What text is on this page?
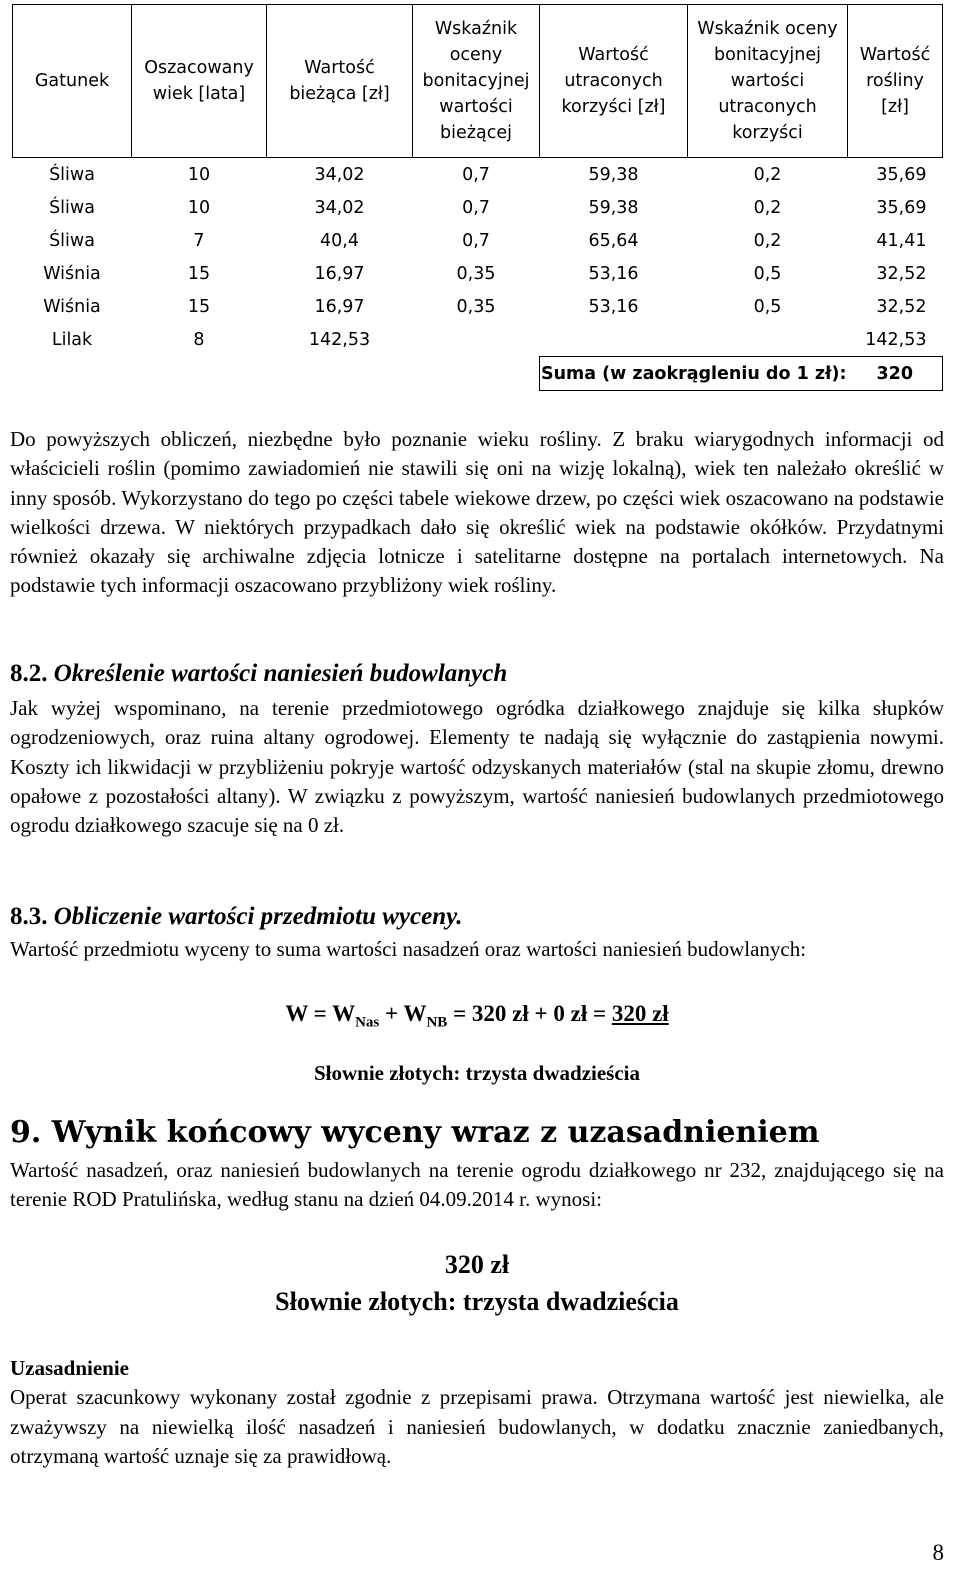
Gatunek	Oszacowany wiek [lata]	Wartość bieżąca [zł]	Wskaźnik oceny bonitacyjnej wartości bieżącej	Wartość utraconych korzyści [zł]	Wskaźnik oceny bonitacyjnej wartości utraconych korzyści	Wartość rośliny [zł]
Śliwa	10	34,02	0,7	59,38	0,2	35,69
Śliwa	10	34,02	0,7	59,38	0,2	35,69
Śliwa	7	40,4	0,7	65,64	0,2	41,41
Wiśnia	15	16,97	0,35	53,16	0,5	32,52
Wiśnia	15	16,97	0,35	53,16	0,5	32,52
Lilak	8	142,53				142,53
				Suma (w zaokrągleniu do 1 zł):		320

Do powyższych obliczeń, niezbędne było poznanie wieku rośliny. Z braku wiarygodnych informacji od właścicieli roślin (pomimo zawiadomień nie stawili się oni na wizję lokalną), wiek ten należało określić w inny sposób. Wykorzystano do tego po części tabele wiekowe drzew, po części wiek oszacowano na podstawie wielkości drzewa. W niektórych przypadkach dało się określić wiek na podstawie okółków. Przydatnymi również okazały się archiwalne zdjęcia lotnicze i satelitarne dostępne na portalach internetowych. Na podstawie tych informacji oszacowano przybliżony wiek rośliny.

8.2. Określenie wartości naniesień budowlanych

Jak wyżej wspominano, na terenie przedmiotowego ogródka działkowego znajduje się kilka słupków ogrodzeniowych, oraz ruina altany ogrodowej. Elementy te nadają się wyłącznie do zastąpienia nowymi. Koszty ich likwidacji w przybliżeniu pokryje wartość odzyskanych materiałów (stal na skupie złomu, drewno opałowe z pozostałości altany). W związku z powyższym, wartość naniesień budowlanych przedmiotowego ogrodu działkowego szacuje się na 0 zł.

8.3. Obliczenie wartości przedmiotu wyceny.

Wartość przedmiotu wyceny to suma wartości nasadzeń oraz wartości naniesień budowlanych:

$W = W_{Nas} + W_{NB} = 320$ zł + 0 zł = 320 zł
Słownie złotych: trzysta dwadzieścia

9. Wynik końcowy wyceny wraz z uzasadnieniem

Wartość nasadzeń, oraz naniesień budowlanych na terenie ogrodu działkowego nr 232, znajdującego się na terenie ROD Pratulińska, według stanu na dzień 04.09.2014 r. wynosi:

320 zł
Słownie złotych: trzysta dwadzieścia

Uzasadnienie

Operat szacunkowy wykonany został zgodnie z przepisami prawa. Otrzymana wartość jest niewielka, ale zważywszy na niewielką ilość nasadzeń i naniesień budowlanych, w dodatku znacznie zaniedbanych, otrzymaną wartość uznaje się za prawidłową.

8
